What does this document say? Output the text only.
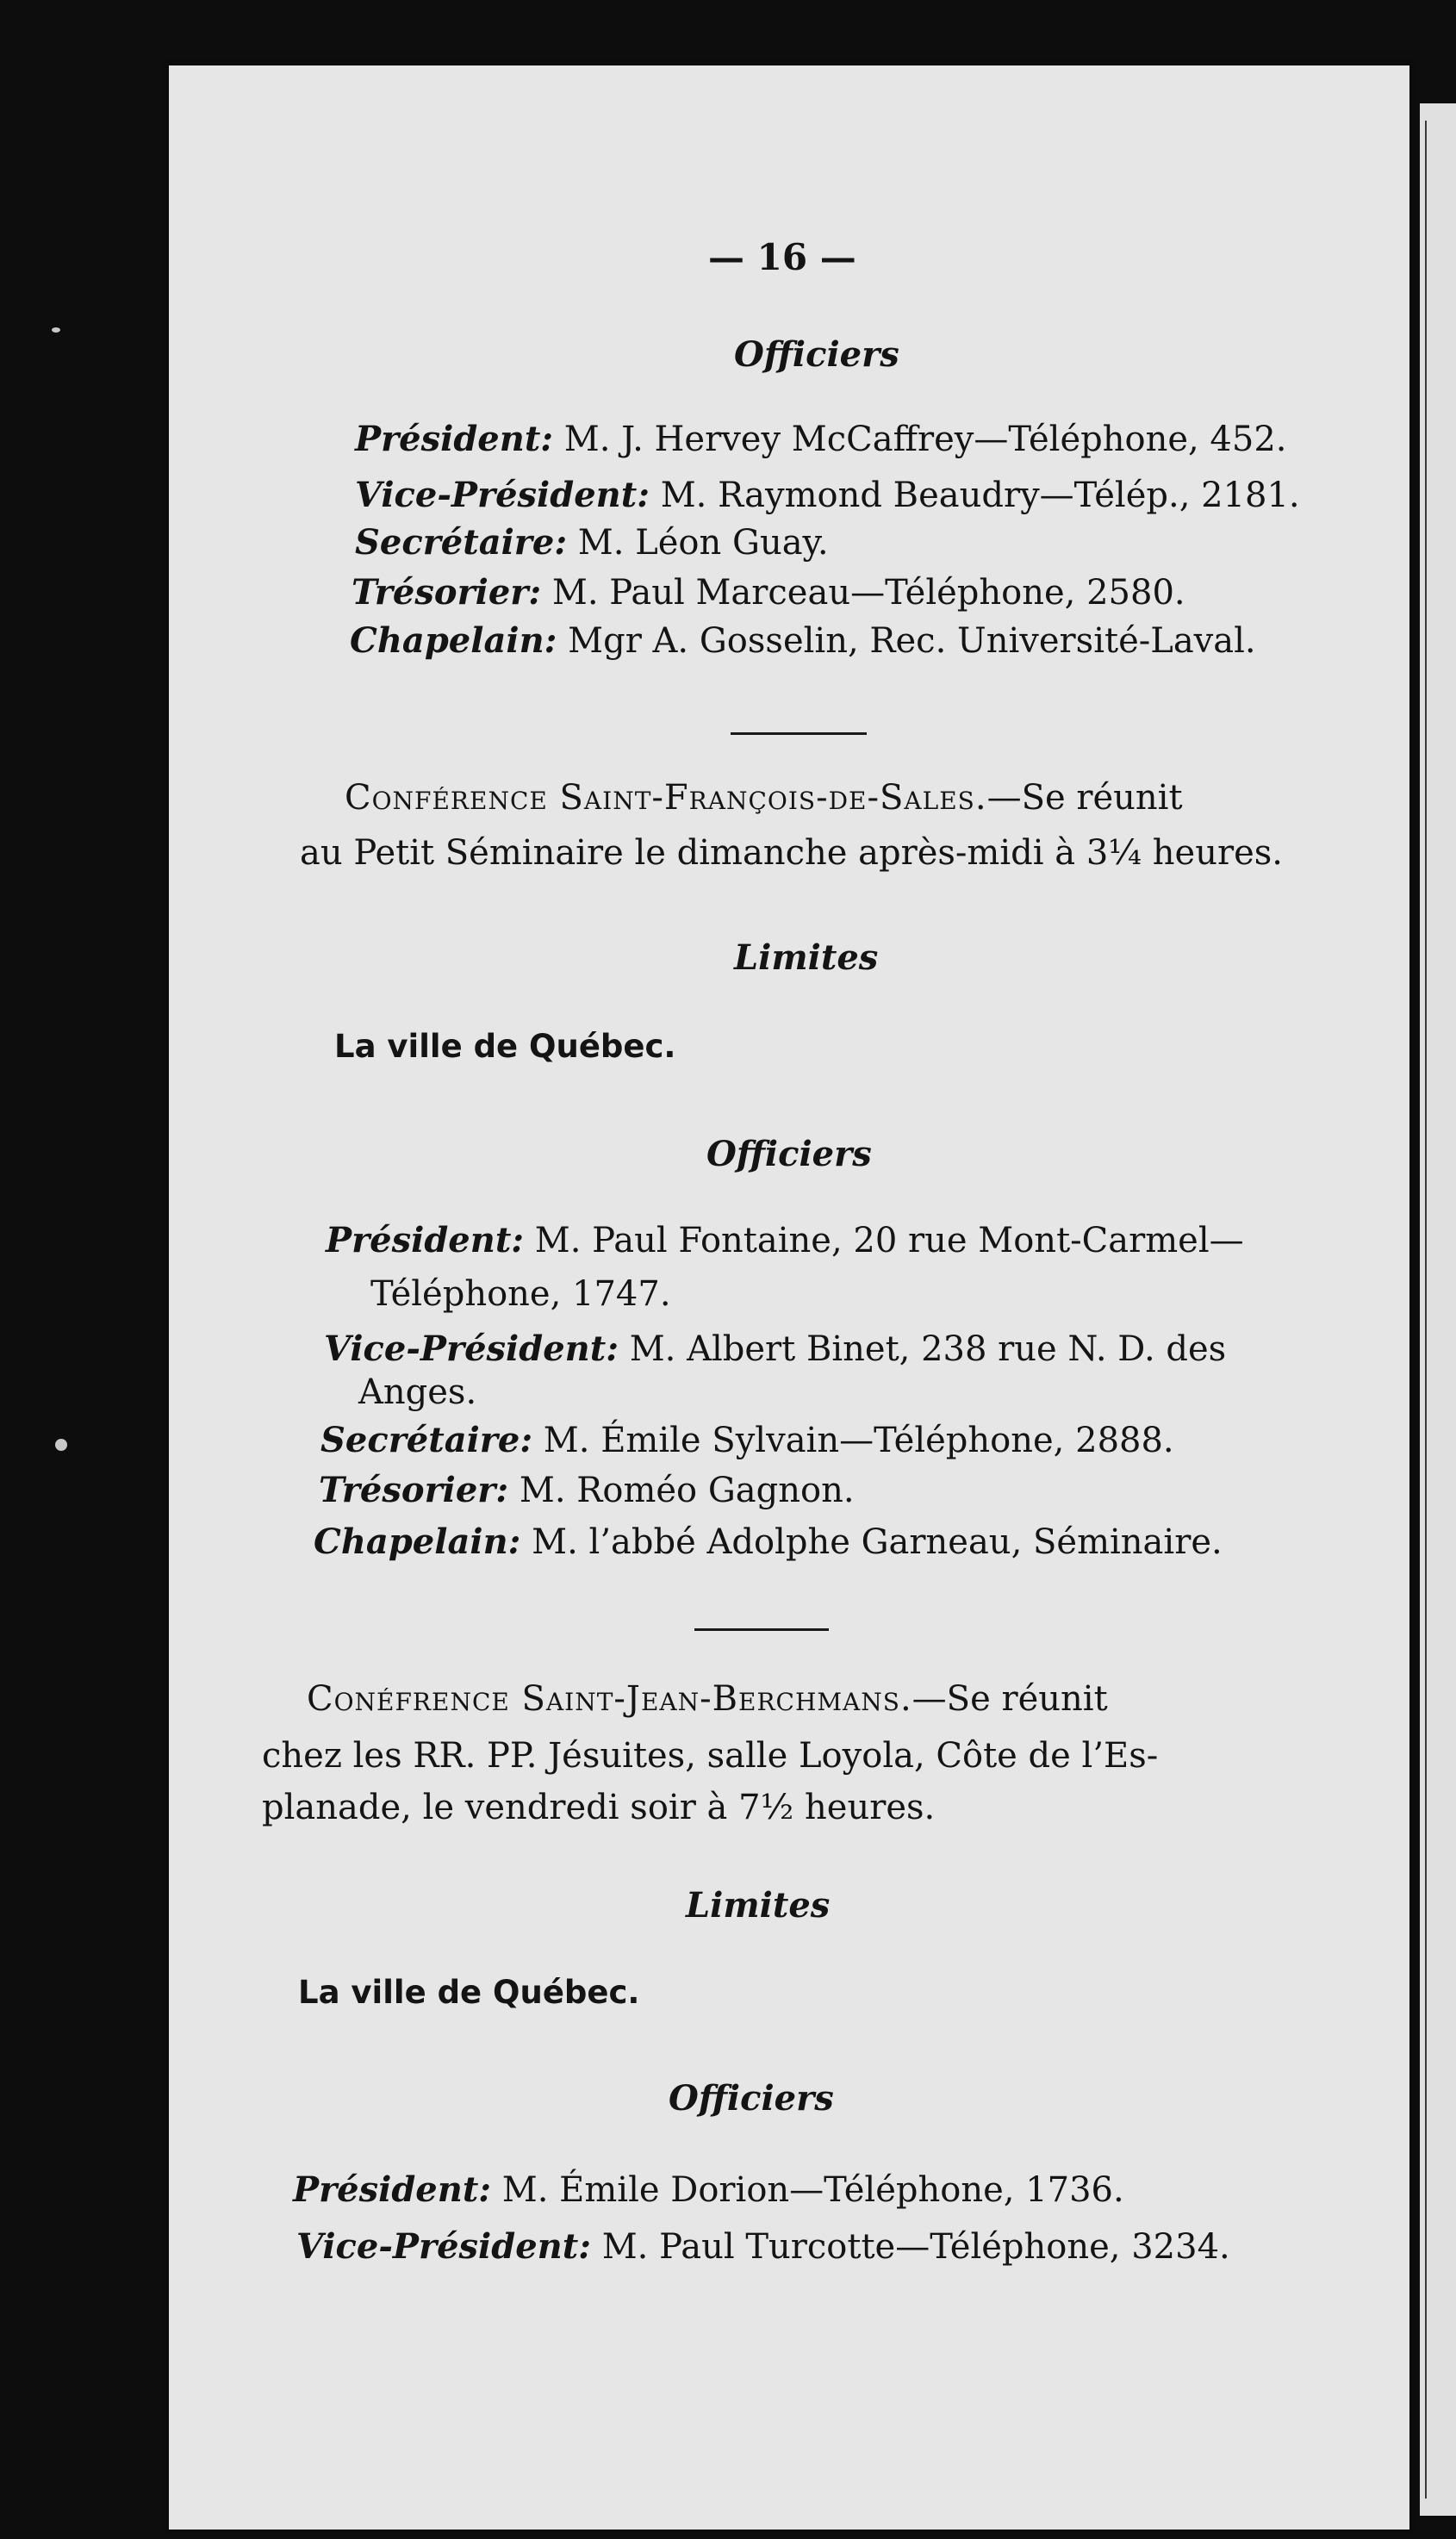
— 16 —
Officiers
Président: M. J. Hervey McCaffrey—Téléphone, 452.
Vice-Président: M. Raymond Beaudry—Télép., 2181.
Secrétaire: M. Léon Guay.
Trésorier: M. Paul Marceau—Téléphone, 2580.
Chapelain: Mgr A. Gosselin, Rec. Université-Laval.
Conférence Saint-François-de-Sales.—Se réunit
au Petit Séminaire le dimanche après-midi à 3¼ heures.
Limites
La ville de Québec.
Officiers
Président: M. Paul Fontaine, 20 rue Mont-Carmel—
Téléphone, 1747.
Vice-Président: M. Albert Binet, 238 rue N. D. des
Anges.
Secrétaire: M. Émile Sylvain—Téléphone, 2888.
Trésorier: M. Roméo Gagnon.
Chapelain: M. l’abbé Adolphe Garneau, Séminaire.
Conéfrence Saint-Jean-Berchmans.—Se réunit
chez les RR. PP. Jésuites, salle Loyola, Côte de l’Es-
planade, le vendredi soir à 7½ heures.
Limites
La ville de Québec.
Officiers
Président: M. Émile Dorion—Téléphone, 1736.
Vice-Président: M. Paul Turcotte—Téléphone, 3234.
